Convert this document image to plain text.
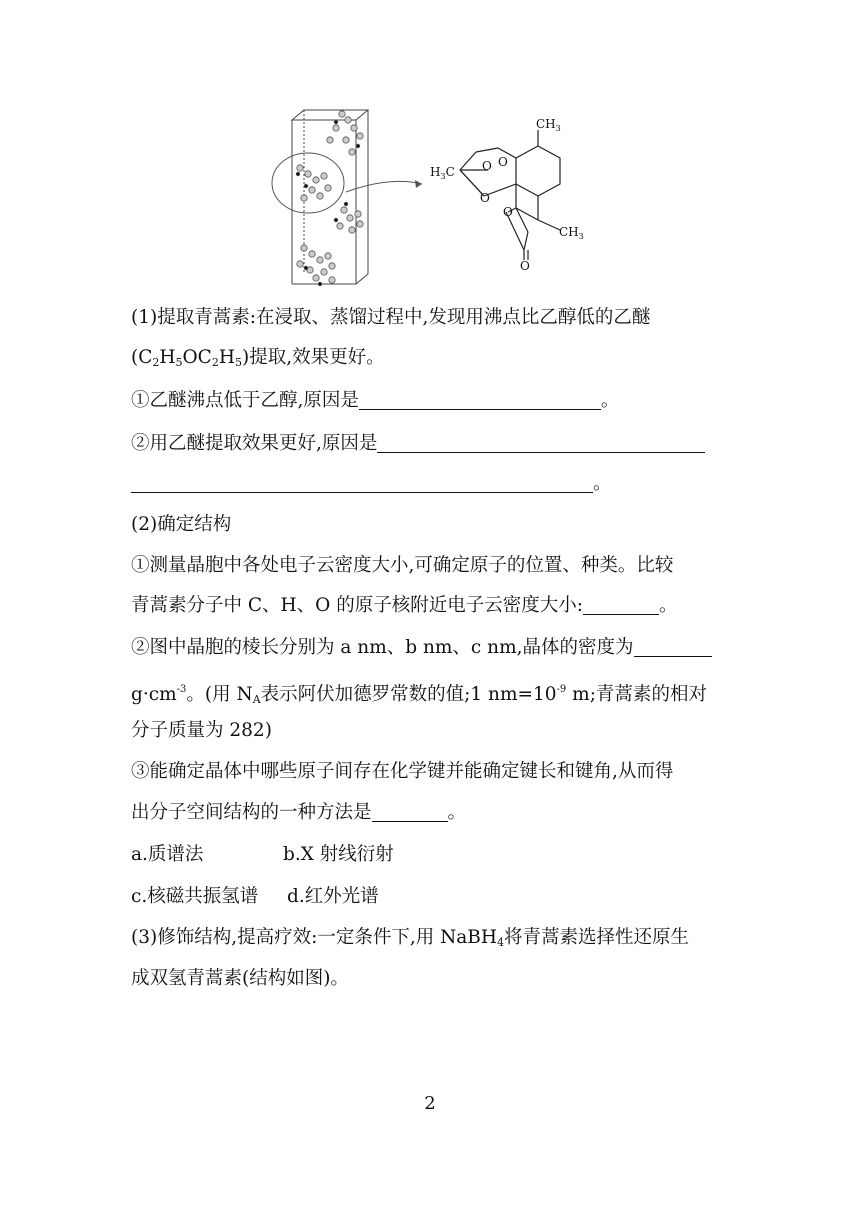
$CH_3$
$H_3C$
$CH_3$
O O
O
O
O
(1)提取青蒿素:在浸取、蒸馏过程中,发现用沸点比乙醇低的乙醚
$(C_2H_5OC_2H_5)$提取,效果更好。
①乙醚沸点低于乙醇,原因是	。
②用乙醚提取效果更好,原因是
。
(2)确定结构
①测量晶胞中各处电子云密度大小,可确定原子的位置、种类。比较
青蒿素分子中 C、H、O 的原子核附近电子云密度大小:	。
②图中晶胞的棱长分别为 a nm、b nm、c nm,晶体的密度为
$g\cdot cm^{-3}$。(用 $N_A$表示阿伏加德罗常数的值;1 $nm=10^{-9}$ m;青蒿素的相对
分子质量为 282)
③能确定晶体中哪些原子间存在化学键并能确定键长和键角,从而得
出分子空间结构的一种方法是	。
a.质谱法	b.X 射线衍射
c.核磁共振氢谱 d.红外光谱
(3)修饰结构,提高疗效:一定条件下,用 NaBH$_4$将青蒿素选择性还原生
成双氢青蒿素(结构如图)。
2
